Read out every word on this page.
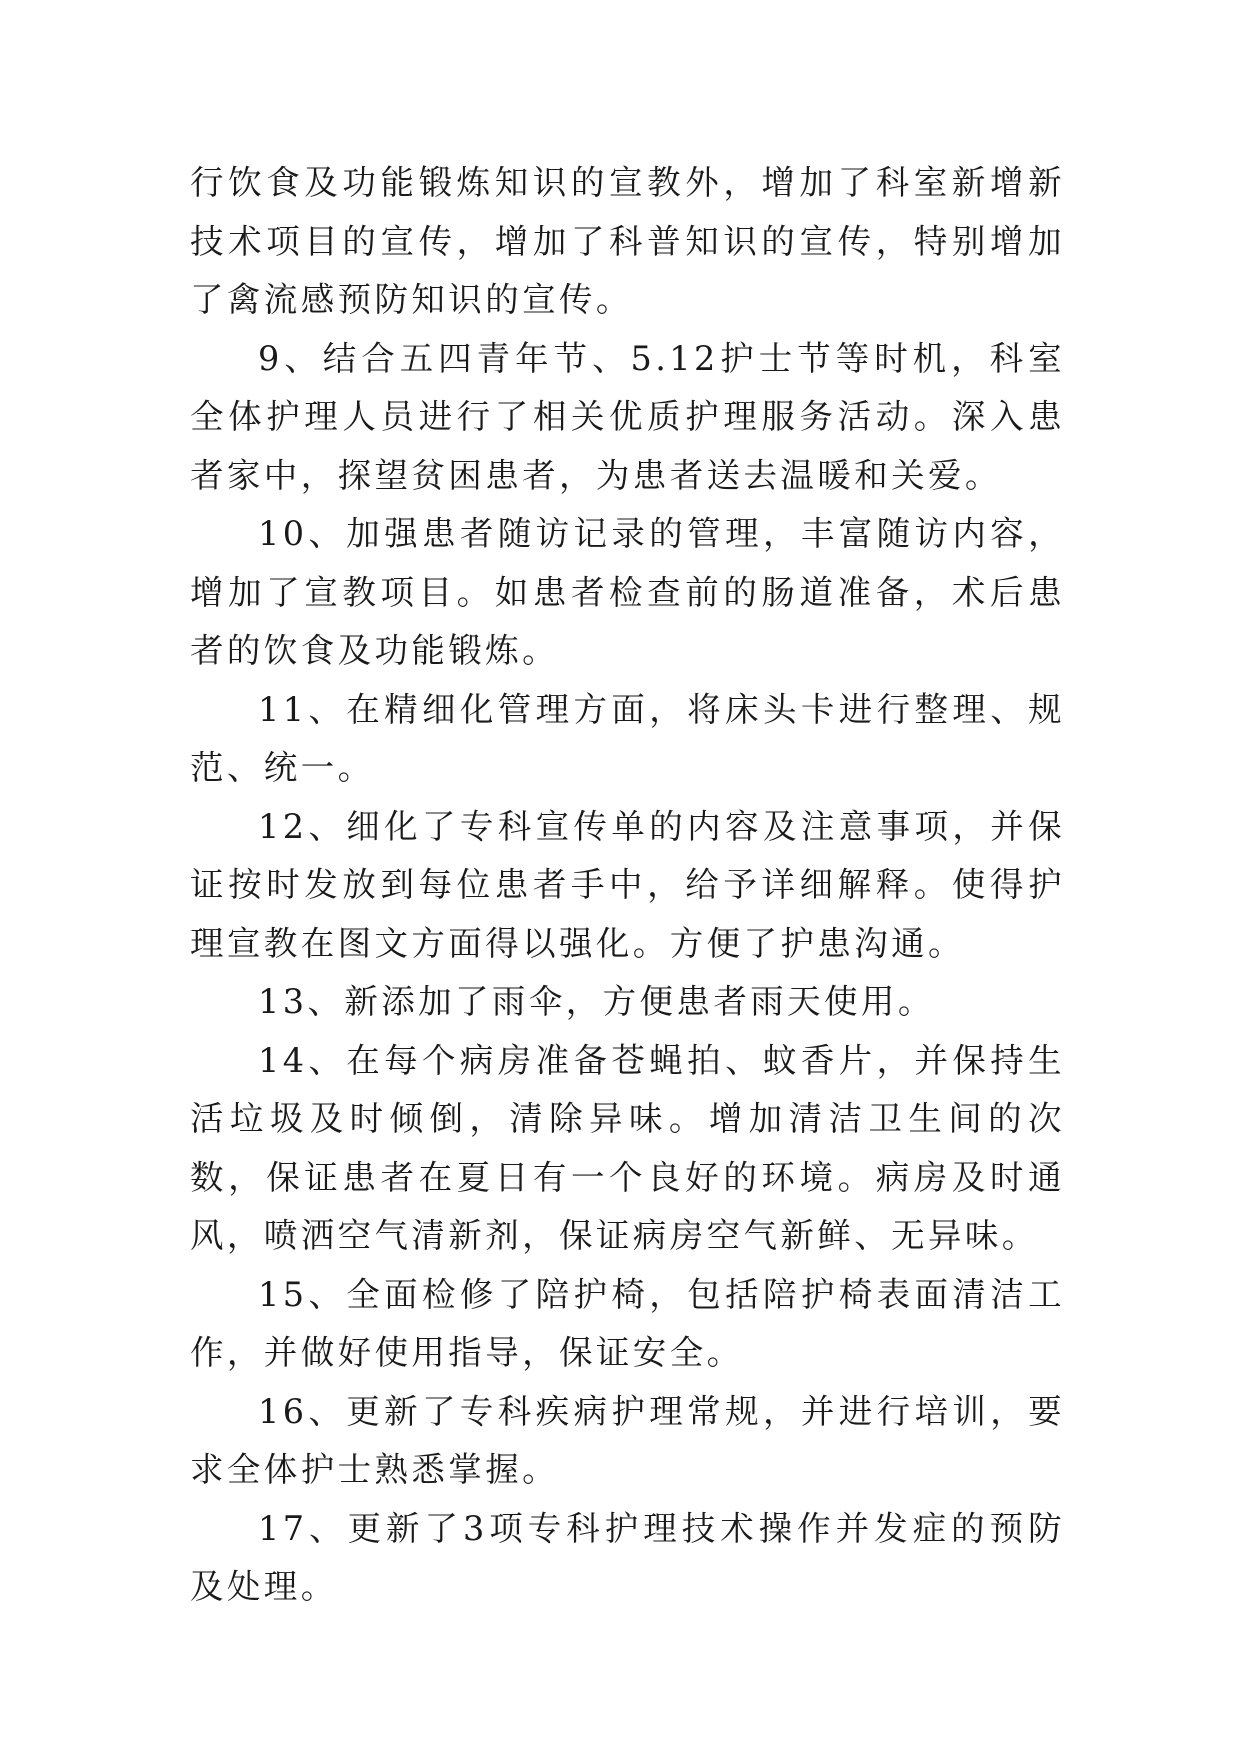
行饮食及功能锻炼知识的宣教外，增加了科室新增新技术项目的宣传，增加了科普知识的宣传，特别增加了禽流感预防知识的宣传。

9、结合五四青年节、5.12护士节等时机，科室全体护理人员进行了相关优质护理服务活动。深入患者家中，探望贫困患者，为患者送去温暖和关爱。

10、加强患者随访记录的管理，丰富随访内容，增加了宣教项目。如患者检查前的肠道准备，术后患者的饮食及功能锻炼。

11、在精细化管理方面，将床头卡进行整理、规范、统一。

12、细化了专科宣传单的内容及注意事项，并保证按时发放到每位患者手中，给予详细解释。使得护理宣教在图文方面得以强化。方便了护患沟通。

13、新添加了雨伞，方便患者雨天使用。

14、在每个病房准备苍蝇拍、蚊香片，并保持生活垃圾及时倾倒，清除异味。增加清洁卫生间的次数，保证患者在夏日有一个良好的环境。病房及时通风，喷洒空气清新剂，保证病房空气新鲜、无异味。

15、全面检修了陪护椅，包括陪护椅表面清洁工作，并做好使用指导，保证安全。

16、更新了专科疾病护理常规，并进行培训，要求全体护士熟悉掌握。

17、更新了3项专科护理技术操作并发症的预防及处理。
